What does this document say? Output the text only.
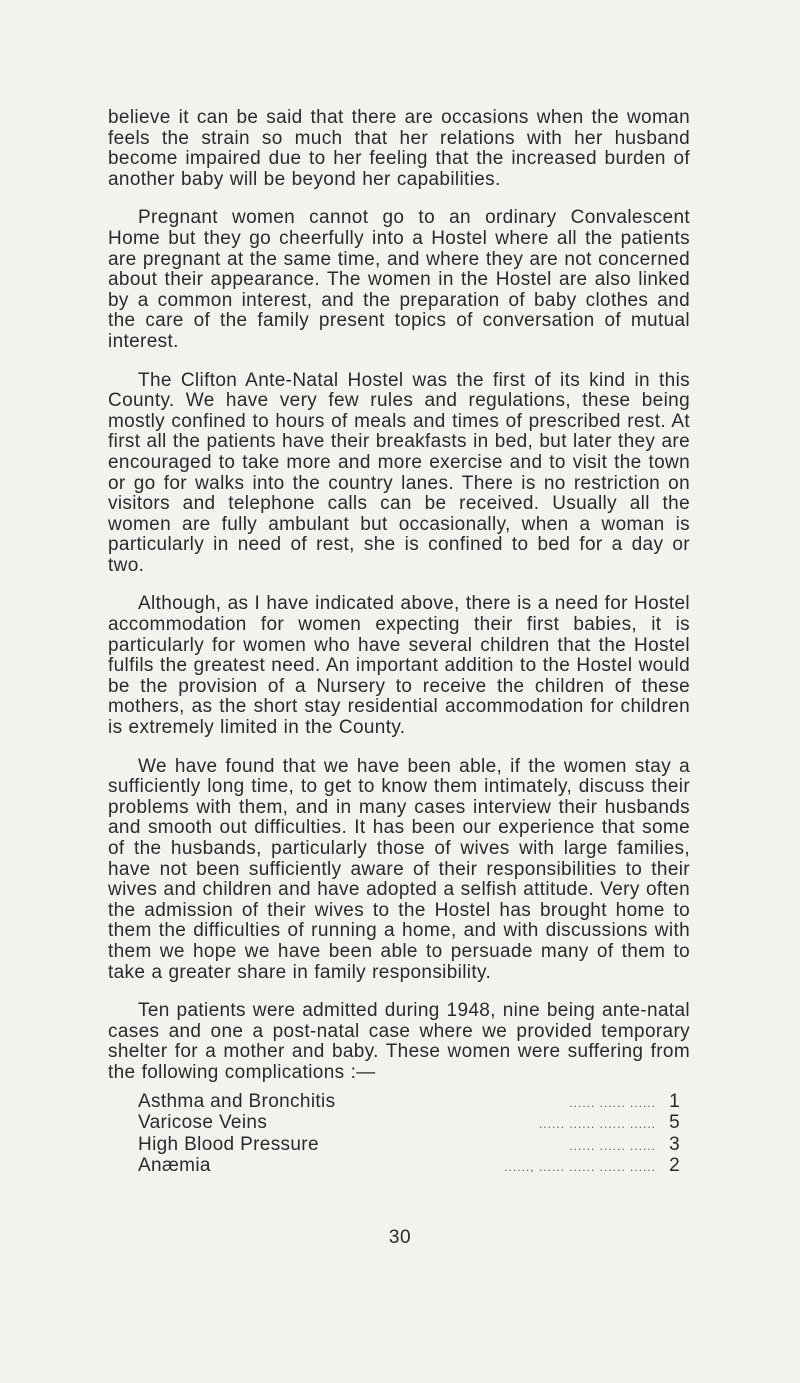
believe it can be said that there are occasions when the woman feels the strain so much that her relations with her husband become impaired due to her feeling that the increased burden of another baby will be beyond her capabilities.

Pregnant women cannot go to an ordinary Convalescent Home but they go cheerfully into a Hostel where all the patients are pregnant at the same time, and where they are not concerned about their appearance. The women in the Hostel are also linked by a common interest, and the preparation of baby clothes and the care of the family present topics of conversation of mutual interest.

The Clifton Ante-Natal Hostel was the first of its kind in this County. We have very few rules and regulations, these being mostly confined to hours of meals and times of prescribed rest. At first all the patients have their breakfasts in bed, but later they are encouraged to take more and more exercise and to visit the town or go for walks into the country lanes. There is no restriction on visitors and telephone calls can be received. Usually all the women are fully ambulant but occasionally, when a woman is particularly in need of rest, she is confined to bed for a day or two.

Although, as I have indicated above, there is a need for Hostel accommodation for women expecting their first babies, it is particularly for women who have several children that the Hostel fulfils the greatest need. An important addition to the Hostel would be the provision of a Nursery to receive the children of these mothers, as the short stay residential accommodation for children is extremely limited in the County.

We have found that we have been able, if the women stay a sufficiently long time, to get to know them intimately, discuss their problems with them, and in many cases interview their husbands and smooth out difficulties. It has been our experience that some of the husbands, particularly those of wives with large families, have not been sufficiently aware of their responsibilities to their wives and children and have adopted a selfish attitude. Very often the admission of their wives to the Hostel has brought home to them the difficulties of running a home, and with discussions with them we hope we have been able to persuade many of them to take a greater share in family responsibility.

Ten patients were admitted during 1948, nine being ante-natal cases and one a post-natal case where we provided temporary shelter for a mother and baby. These women were suffering from the following complications :—

Asthma and Bronchitis	...... ...... ...... 1
Varicose Veins	...... ...... ...... ...... 5
High Blood Pressure	...... ...... ...... 3
Anæmia	......, ...... ...... ...... ...... 2
30
